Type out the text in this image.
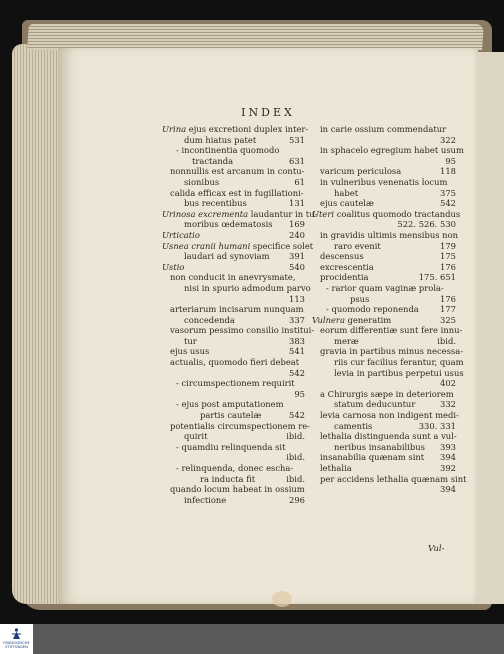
INDEX
Urina ejus excretioni duplex inter-
dum hiatus patet	531
- incontinentia quomodo
tractanda	631
nonnullis est arcanum in contu-
sionibus	61
calida efficax est in fugillationi-
bus recentibus	131
Urinosa excrementa laudantur in tu-
moribus œdematosis 169
Urticatio	240
Usnea cranii humani specifice solet
laudari ad synoviam 391
Ustio	540
non conducit in anevrysmate,
nisi in spurio admodum parvo
113
arteriarum incisarum nunquam
concedenda	337
vasorum pessimo consilio institui-
tur	383
ejus usus	541
actualis, quomodo fieri debeat
542
- circumspectionem requirit
95
- ejus post amputationem
partis cautelæ	542
potentialis circumspectionem re-
quirit	ibid.
- quamdiu relinquenda sit
ibid.
- relinquenda, donec escha-
ra inducta fit	ibid.
quando locum habeat in ossium
infectione	296
in carie ossium commendatur
322
in sphacelo egregium habet usum
95
varicum periculosa	118
in vulneribus venenatis locum
habet	375
ejus cautelæ	542
Uteri coalitus quomodo tractandus
522. 526. 530
in gravidis ultimis mensibus non
raro evenit	179
descensus	175
excrescentia	176
procidentia	175. 651
- rarior quam vaginæ prola-
psus	176
- quomodo reponenda	177
Vulnera generatim	325
eorum differentiæ sunt fere innu-
meræ	ibid.
gravia in partibus minus necessa-
riis cur facilius ferantur, quam
levia in partibus perpetui usus
402
a Chirurgis sæpe in deteriorem
statum deducuntur	332
levia carnosa non indigent medi-
camentis	330. 331
lethalia distinguenda sunt a vul-
neribus insanabilibus 393
insanabilia quænam sint 394
lethalia	392
per accidens lethalia quænam sint
394
Vul-
FRANCKESCHE
STIFTUNGEN
